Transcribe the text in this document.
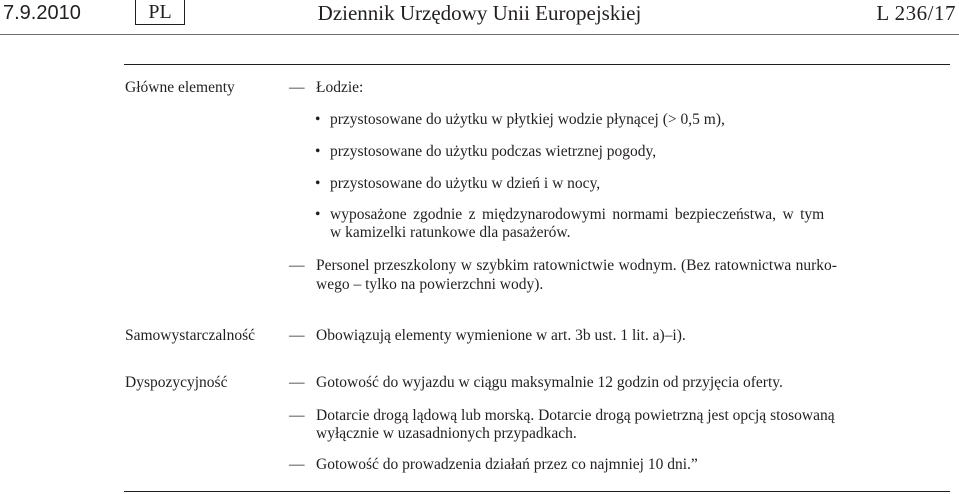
7.9.2010	PL	Dziennik Urzędowy Unii Europejskiej	L 236/17
Główne elementy	— Łodzie:
• przystosowane do użytku w płytkiej wodzie płynącej (> 0,5 m),
• przystosowane do użytku podczas wietrznej pogody,
• przystosowane do użytku w dzień i w nocy,
• wyposażone zgodnie z międzynarodowymi normami bezpieczeństwa, w tym
w kamizelki ratunkowe dla pasażerów.
— Personel przeszkolony w szybkim ratownictwie wodnym. (Bez ratownictwa nurko-
wego – tylko na powierzchni wody).
Samowystarczalność — Obowiązują elementy wymienione w art. 3b ust. 1 lit. a)–i).
Dyspozycyjność	— Gotowość do wyjazdu w ciągu maksymalnie 12 godzin od przyjęcia oferty.
— Dotarcie drogą lądową lub morską. Dotarcie drogą powietrzną jest opcją stosowaną
wyłącznie w uzasadnionych przypadkach.
— Gotowość do prowadzenia działań przez co najmniej 10 dni.”
